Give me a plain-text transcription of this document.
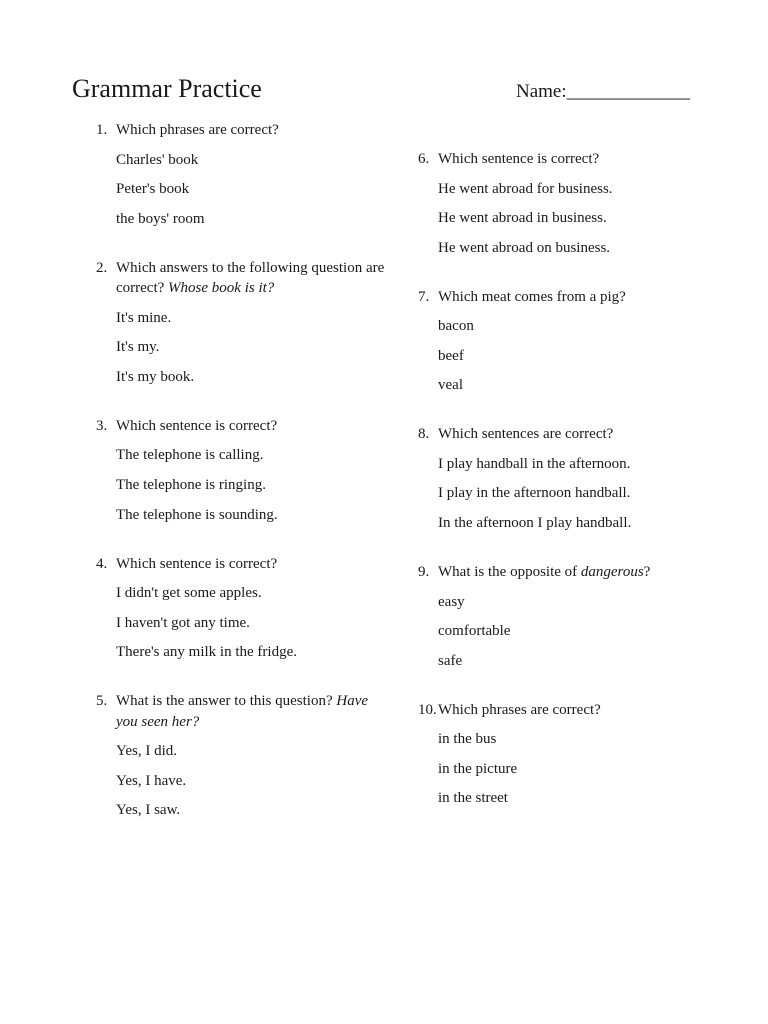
Grammar Practice	Name:_____________
1. Which phrases are correct?
Charles' book
Peter's book
the boys' room
2. Which answers to the following question are correct? Whose book is it?
It's mine.
It's my.
It's my book.
3. Which sentence is correct?
The telephone is calling.
The telephone is ringing.
The telephone is sounding.
4. Which sentence is correct?
I didn't get some apples.
I haven't got any time.
There's any milk in the fridge.
5. What is the answer to this question? Have you seen her?
Yes, I did.
Yes, I have.
Yes, I saw.
6. Which sentence is correct?
He went abroad for business.
He went abroad in business.
He went abroad on business.
7. Which meat comes from a pig?
bacon
beef
veal
8. Which sentences are correct?
I play handball in the afternoon.
I play in the afternoon handball.
In the afternoon I play handball.
9. What is the opposite of dangerous?
easy
comfortable
safe
10. Which phrases are correct?
in the bus
in the picture
in the street
